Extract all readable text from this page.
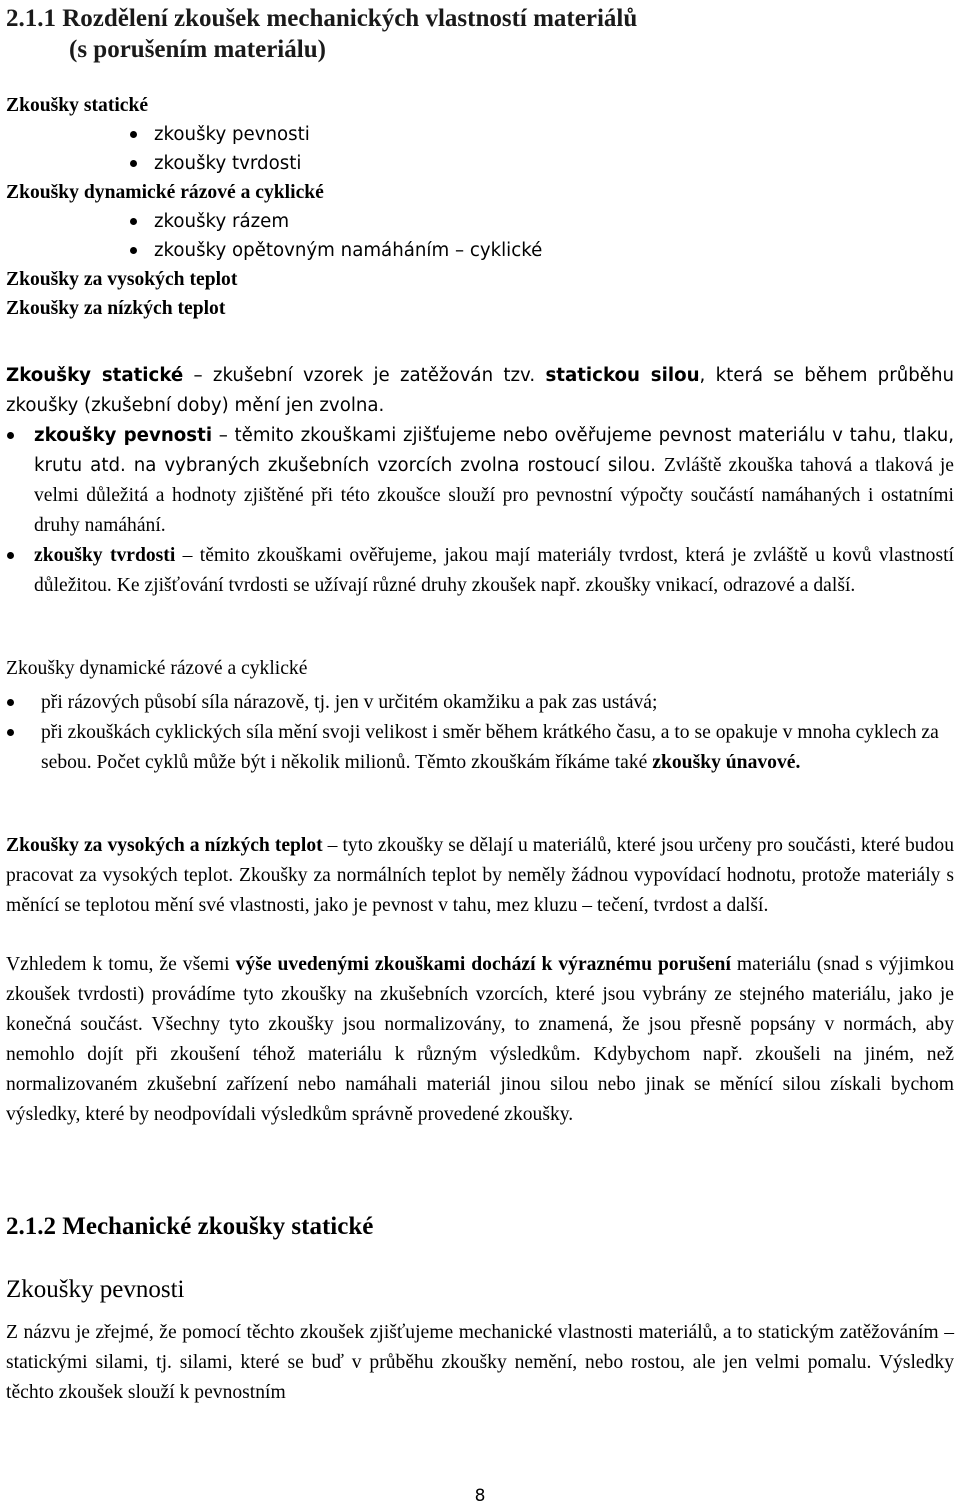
2.1.1 Rozdělení zkoušek mechanických vlastností materiálů
(s porušením materiálu)
Zkoušky statické
zkoušky pevnosti
zkoušky tvrdosti
Zkoušky dynamické rázové a cyklické
zkoušky rázem
zkoušky opětovným namáháním – cyklické
Zkoušky za vysokých teplot
Zkoušky za nízkých teplot

Zkoušky statické – zkušební vzorek je zatěžován tzv. statickou silou, která se během průběhu zkoušky (zkušební doby) mění jen zvolna.

zkoušky pevnosti – těmito zkouškami zjišťujeme nebo ověřujeme pevnost materiálu v tahu, tlaku, krutu atd. na vybraných zkušebních vzorcích zvolna rostoucí silou. Zvláště zkouška tahová a tlaková je velmi důležitá a hodnoty zjištěné při této zkoušce slouží pro pevnostní výpočty součástí namáhaných i ostatními druhy namáhání.
zkoušky tvrdosti – těmito zkouškami ověřujeme, jakou mají materiály tvrdost, která je zvláště u kovů vlastností důležitou. Ke zjišťování tvrdosti se užívají různé druhy zkoušek např. zkoušky vnikací, odrazové a další.
Zkoušky dynamické rázové a cyklické
při rázových působí síla nárazově, tj. jen v určitém okamžiku a pak zas ustává;
při zkouškách cyklických síla mění svoji velikost i směr během krátkého času, a to se opakuje v mnoha cyklech za sebou. Počet cyklů může být i několik milionů. Těmto zkouškám říkáme také zkoušky únavové.

Zkoušky za vysokých a nízkých teplot – tyto zkoušky se dělají u materiálů, které jsou určeny pro součásti, které budou pracovat za vysokých teplot. Zkoušky za normálních teplot by neměly žádnou vypovídací hodnotu, protože materiály s měnící se teplotou mění své vlastnosti, jako je pevnost v tahu, mez kluzu – tečení, tvrdost a další.

Vzhledem k tomu, že všemi výše uvedenými zkouškami dochází k výraznému porušení materiálu (snad s výjimkou zkoušek tvrdosti) provádíme tyto zkoušky na zkušebních vzorcích, které jsou vybrány ze stejného materiálu, jako je konečná součást. Všechny tyto zkoušky jsou normalizovány, to znamená, že jsou přesně popsány v normách, aby nemohlo dojít při zkoušení téhož materiálu k různým výsledkům. Kdybychom např. zkoušeli na jiném, než normalizovaném zkušební zařízení nebo namáhali materiál jinou silou nebo jinak se měnící silou získali bychom výsledky, které by neodpovídali výsledkům správně provedené zkoušky.

2.1.2 Mechanické zkoušky statické
Zkoušky pevnosti

Z názvu je zřejmé, že pomocí těchto zkoušek zjišťujeme mechanické vlastnosti materiálů, a to statickým zatěžováním – statickými silami, tj. silami, které se buď v průběhu zkoušky nemění, nebo rostou, ale jen velmi pomalu. Výsledky těchto zkoušek slouží k pevnostním

8
